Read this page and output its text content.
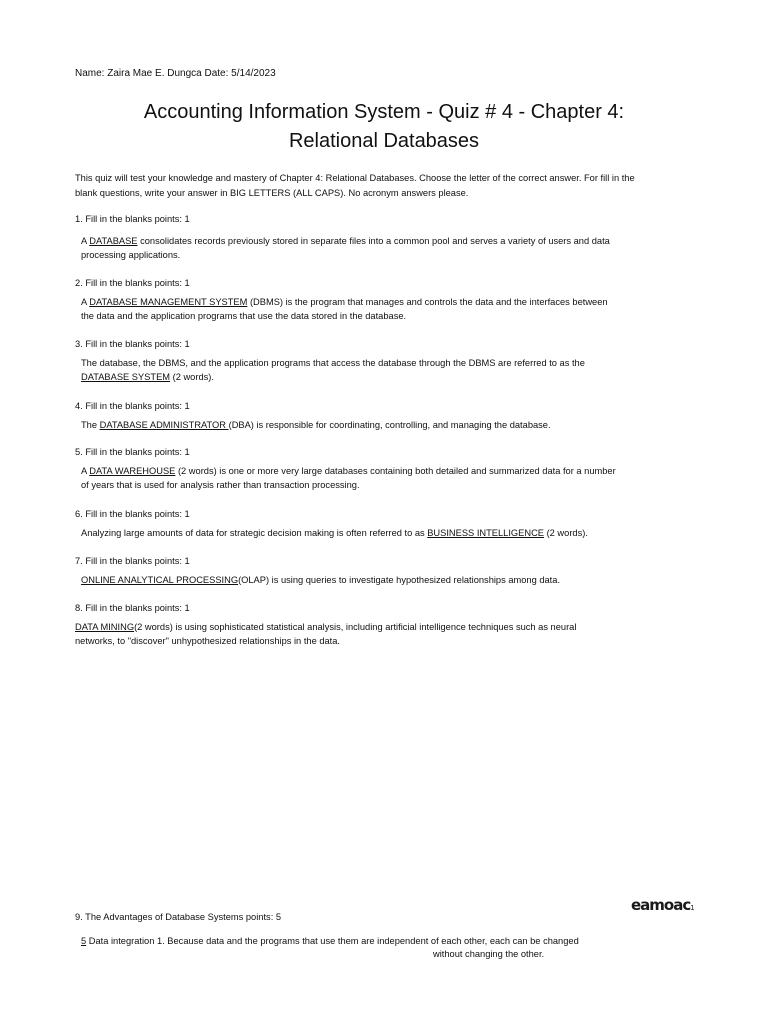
Name: Zaira Mae E. Dungca Date: 5/14/2023
Accounting Information System - Quiz # 4 - Chapter 4:
Relational Databases
This quiz will test your knowledge and mastery of Chapter 4: Relational Databases. Choose the letter of the correct answer. For fill in the
blank questions, write your answer in BIG LETTERS (ALL CAPS). No acronym answers please.
1. Fill in the blanks points: 1
A DATABASE consolidates records previously stored in separate files into a common pool and serves a variety of users and data
processing applications.
2. Fill in the blanks points: 1
A DATABASE MANAGEMENT SYSTEM (DBMS) is the program that manages and controls the data and the interfaces between
the data and the application programs that use the data stored in the database.
3. Fill in the blanks points: 1
The database, the DBMS, and the application programs that access the database through the DBMS are referred to as the
DATABASE SYSTEM (2 words).
4. Fill in the blanks points: 1
The DATABASE ADMINISTRATOR (DBA) is responsible for coordinating, controlling, and managing the database.
5. Fill in the blanks points: 1
A DATA WAREHOUSE (2 words) is one or more very large databases containing both detailed and summarized data for a number
of years that is used for analysis rather than transaction processing.
6. Fill in the blanks points: 1
Analyzing large amounts of data for strategic decision making is often referred to as BUSINESS INTELLIGENCE (2 words).
7. Fill in the blanks points: 1
ONLINE ANALYTICAL PROCESSING(OLAP) is using queries to investigate hypothesized relationships among data.
8. Fill in the blanks points: 1
DATA MINING(2 words) is using sophisticated statistical analysis, including artificial intelligence techniques such as neural
networks, to "discover" unhypothesized relationships in the data.
eamoac1
9. The Advantages of Database Systems points: 5
5 Data integration 1. Because data and the programs that use them are independent of each other, each can be changed
without changing the other.
